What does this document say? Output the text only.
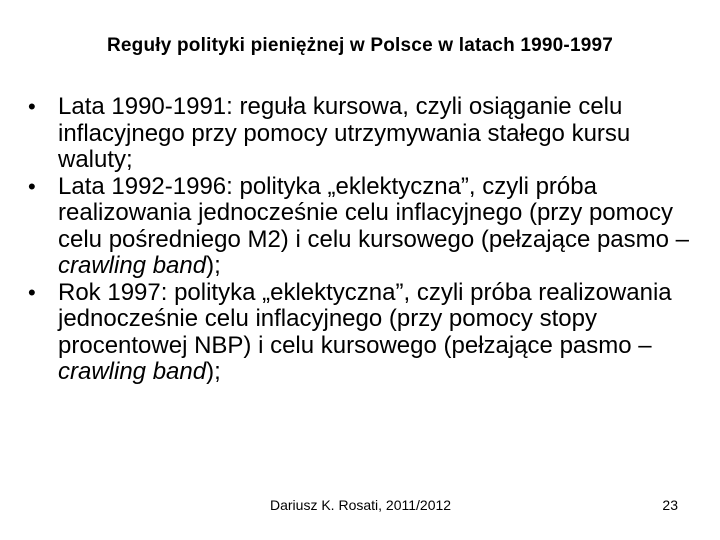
Reguły polityki pieniężnej w Polsce w latach 1990-1997
• Lata 1990-1991: reguła kursowa, czyli osiąganie celu inflacyjnego przy pomocy utrzymywania stałego kursu waluty;
• Lata 1992-1996: polityka „eklektyczna”, czyli próba realizowania jednocześnie celu inflacyjnego (przy pomocy celu pośredniego M2) i celu kursowego (pełzające pasmo – crawling band);
• Rok 1997: polityka „eklektyczna”, czyli próba realizowania jednocześnie celu inflacyjnego (przy pomocy stopy procentowej NBP) i celu kursowego (pełzające pasmo – crawling band);
Dariusz K. Rosati, 2011/2012	23
